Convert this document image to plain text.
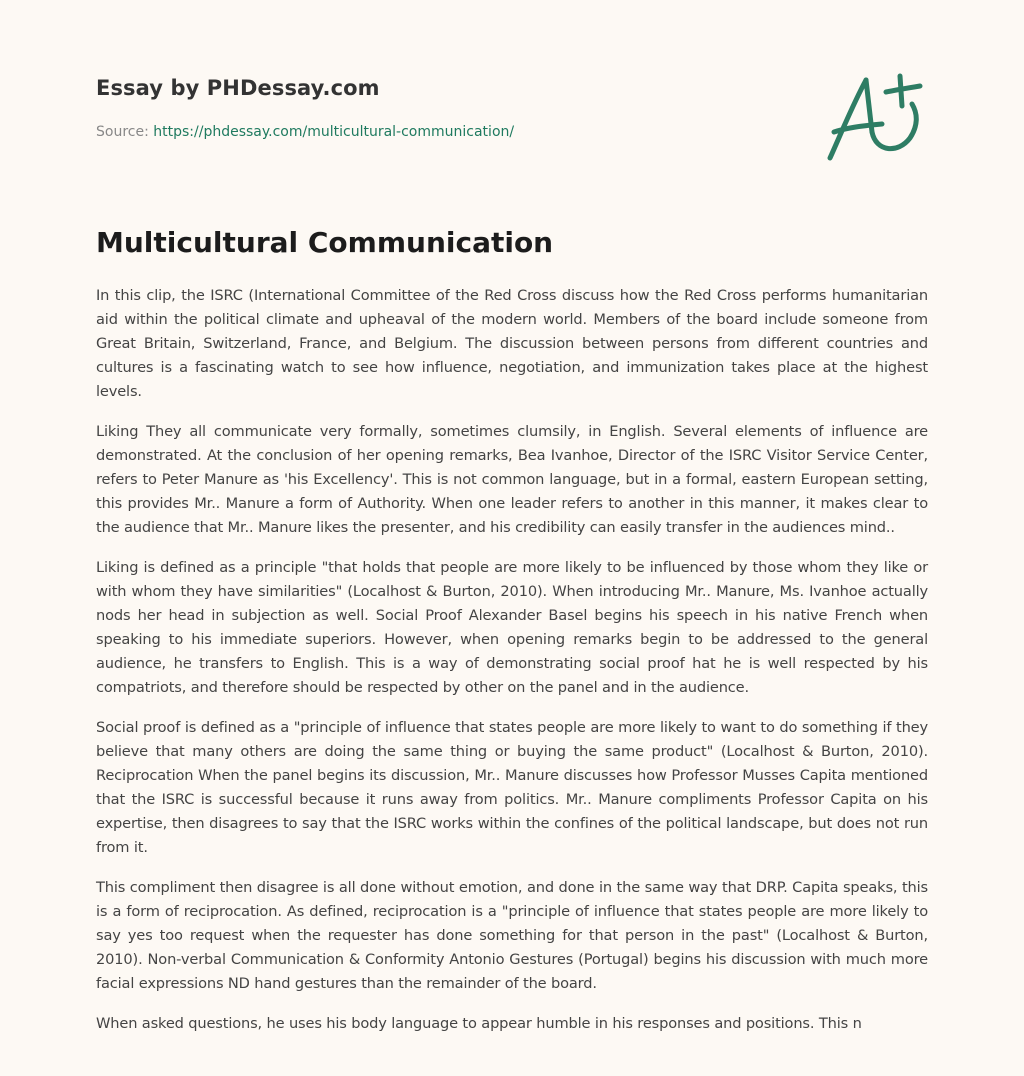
Essay by PHDessay.com
Source: https://phdessay.com/multicultural-communication/
Multicultural Communication

In this clip, the ISRC (International Committee of the Red Cross discuss how the Red Cross performs humanitarian aid within the political climate and upheaval of the modern world. Members of the board include someone from Great Britain, Switzerland, France, and Belgium. The discussion between persons from different countries and cultures is a fascinating watch to see how influence, negotiation, and immunization takes place at the highest levels.

Liking They all communicate very formally, sometimes clumsily, in English. Several elements of influence are demonstrated. At the conclusion of her opening remarks, Bea Ivanhoe, Director of the ISRC Visitor Service Center, refers to Peter Manure as 'his Excellency'. This is not common language, but in a formal, eastern European setting, this provides Mr.. Manure a form of Authority. When one leader refers to another in this manner, it makes clear to the audience that Mr.. Manure likes the presenter, and his credibility can easily transfer in the audiences mind..

Liking is defined as a principle "that holds that people are more likely to be influenced by those whom they like or with whom they have similarities" (Localhost & Burton, 2010). When introducing Mr.. Manure, Ms. Ivanhoe actually nods her head in subjection as well. Social Proof Alexander Basel begins his speech in his native French when speaking to his immediate superiors. However, when opening remarks begin to be addressed to the general audience, he transfers to English. This is a way of demonstrating social proof hat he is well respected by his compatriots, and therefore should be respected by other on the panel and in the audience.

Social proof is defined as a "principle of influence that states people are more likely to want to do something if they believe that many others are doing the same thing or buying the same product" (Localhost & Burton, 2010). Reciprocation When the panel begins its discussion, Mr.. Manure discusses how Professor Musses Capita mentioned that the ISRC is successful because it runs away from politics. Mr.. Manure compliments Professor Capita on his expertise, then disagrees to say that the ISRC works within the confines of the political landscape, but does not run from it.

This compliment then disagree is all done without emotion, and done in the same way that DRP. Capita speaks, this is a form of reciprocation. As defined, reciprocation is a "principle of influence that states people are more likely to say yes too request when the requester has done something for that person in the past" (Localhost & Burton, 2010). Non-verbal Communication & Conformity Antonio Gestures (Portugal) begins his discussion with much more facial expressions ND hand gestures than the remainder of the board.

When asked questions, he uses his body language to appear humble in his responses and positions. This n
